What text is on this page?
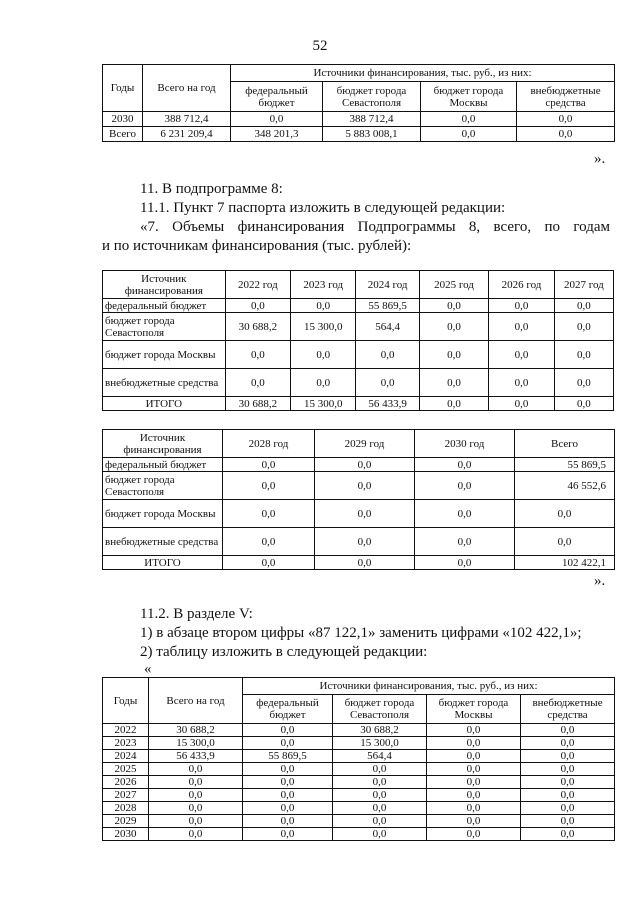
52
Годы	Всего на год	Источники финансирования, тыс. руб., из них:			
		федеральный бюджет	бюджет города Севастополя	бюджет города Москвы	внебюджетные средства
2030	388 712,4	0,0	388 712,4	0,0	0,0
Всего	6 231 209,4	348 201,3	5 883 008,1	0,0	0,0
».
11. В подпрограмме 8:
11.1. Пункт 7 паспорта изложить в следующей редакции:
«7. Объемы финансирования Подпрограммы 8, всего, по годам
и по источникам финансирования (тыс. рублей):
Источник финансирования	2022 год	2023 год	2024 год	2025 год	2026 год	2027 год
федеральный бюджет	0,0	0,0	55 869,5	0,0	0,0	0,0
бюджет города Севастополя	30 688,2	15 300,0	564,4	0,0	0,0	0,0
бюджет города Москвы	0,0	0,0	0,0	0,0	0,0	0,0
внебюджетные средства	0,0	0,0	0,0	0,0	0,0	0,0
ИТОГО	30 688,2	15 300,0	56 433,9	0,0	0,0	0,0
Источник финансирования	2028 год	2029 год	2030 год	Всего
федеральный бюджет	0,0	0,0	0,0	55 869,5
бюджет города Севастополя	0,0	0,0	0,0	46 552,6
бюджет города Москвы	0,0	0,0	0,0	0,0
внебюджетные средства	0,0	0,0	0,0	0,0
ИТОГО	0,0	0,0	0,0	102 422,1
».
11.2. В разделе V:
1) в абзаце втором цифры «87 122,1» заменить цифрами «102 422,1»;
2) таблицу изложить в следующей редакции:
«
Годы	Всего на год	Источники финансирования, тыс. руб., из них:			
		федеральный бюджет	бюджет города Севастополя	бюджет города Москвы	внебюджетные средства
2022	30 688,2	0,0	30 688,2	0,0	0,0
2023	15 300,0	0,0	15 300,0	0,0	0,0
2024	56 433,9	55 869,5	564,4	0,0	0,0
2025	0,0	0,0	0,0	0,0	0,0
2026	0,0	0,0	0,0	0,0	0,0
2027	0,0	0,0	0,0	0,0	0,0
2028	0,0	0,0	0,0	0,0	0,0
2029	0,0	0,0	0,0	0,0	0,0
2030	0,0	0,0	0,0	0,0	0,0
